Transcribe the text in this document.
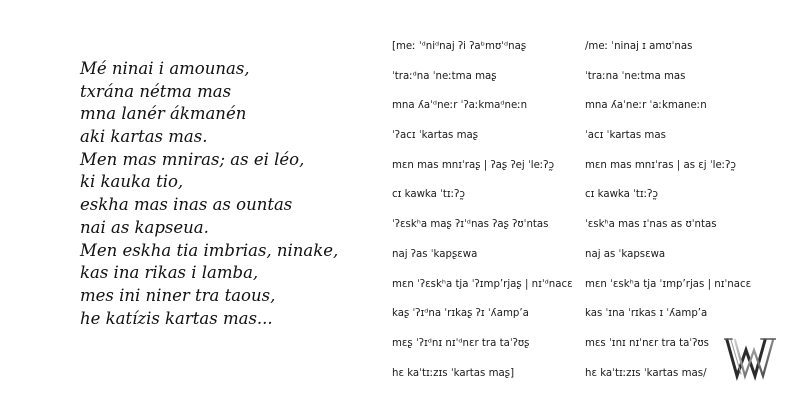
Mé ninai i amounas,
tхrána nétma mas
mna lanér ákmanén
aki kartas mas.
Men mas mniras; as ei léo,
ki kauka tio,
eskha mas inas as ountas
nai as kapseua.
Men eskha tia imbrias, ninake,
kas ina rikas i lamba,
mes ini niner tra taous,
he katízis kartas mas...
[meː ˈᵈniᵈnaj ʔi ʔaᵇmʊˈᵈnaʂ
ˈtraːᵈna ˈneːtma maʂ
mna ʎaˈᵈneːr ˈʔaːkmaᵈneːn
ˈʔacɪ ˈkartas maʂ
mɛn mas mnɪˈraʂ | ʔaʂ ʔej ˈleːʔɔ̰
cɪ kawka ˈtɪːʔɔ̰
ˈʔɛskʰa maʂ ʔɪˈᵈnas ʔaʂ ʔʊˈntas
naj ʔas ˈkapʂɛwa
mɛn ˈʔɛskʰa tja ˈʔɪmpʼrjaʂ | nɪˈᵈnacɛ
kaʂ ˈʔɪᵈna ˈrɪkaʂ ʔɪ ˈʎampʼa
mɛʂ ˈʔɪᵈnɪ nɪˈᵈnɛr tra taˈʔʊʂ
hɛ kaˈtɪːzɪs ˈkartas maʂ]
/meː ˈninaj ɪ amʊˈnas
ˈtraːna ˈneːtma mas
mna ʎaˈneːr ˈaːkmaneːn
ˈacɪ ˈkartas mas
mɛn mas mnɪˈras | as ɛj ˈleːʔɔ̰
cɪ kawka ˈtɪːʔɔ̰
ˈɛskʰa mas ɪˈnas as ʊˈntas
naj as ˈkapsɛwa
mɛn ˈɛskʰa tja ˈɪmpʼrjas | nɪˈnacɛ
kas ˈɪna ˈrɪkas ɪ ˈʎampʼa
mɛs ˈɪnɪ nɪˈnɛr tra taˈʔʊs
hɛ kaˈtɪːzɪs ˈkartas mas/
